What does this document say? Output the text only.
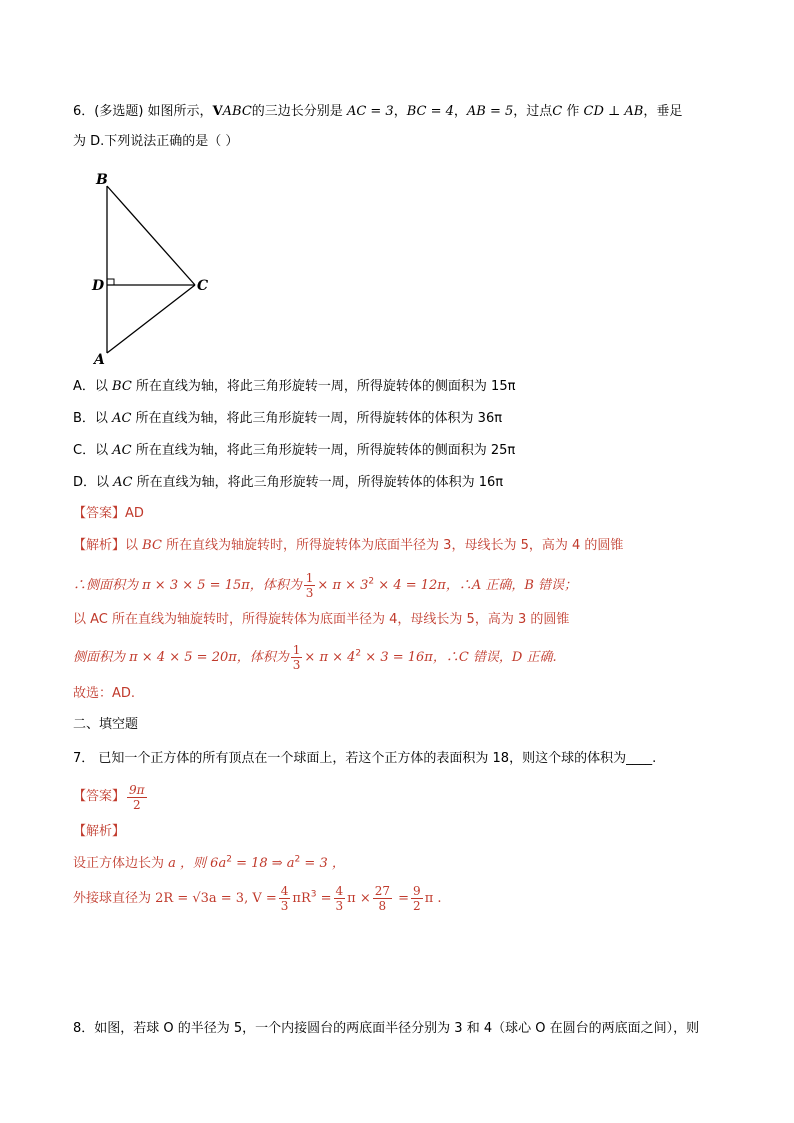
6．(多选题) 如图所示，VABC的三边长分别是 AC = 3，BC = 4，AB = 5，过点C 作 CD ⊥ AB，垂足
为 D.下列说法正确的是（ ）
B
D	C
A
A．以 BC 所在直线为轴，将此三角形旋转一周，所得旋转体的侧面积为 15π
B．以 AC 所在直线为轴，将此三角形旋转一周，所得旋转体的体积为 36π
C．以 AC 所在直线为轴，将此三角形旋转一周，所得旋转体的侧面积为 25π
D．以 AC 所在直线为轴，将此三角形旋转一周，所得旋转体的体积为 16π
【答案】AD
【解析】以 BC 所在直线为轴旋转时，所得旋转体为底面半径为 3，母线长为 5，高为 4 的圆锥
∴侧面积为 π × 3 × 5 = 15π，体积为 $\frac{1}{3} \times \pi \times 3^2 \times 4 = 12\pi$，∴A 正确，B 错误；
以 AC 所在直线为轴旋转时，所得旋转体为底面半径为 4，母线长为 5，高为 3 的圆锥
侧面积为 π × 4 × 5 = 20π，体积为 $\frac{1}{3} \times \pi \times 4^2 \times 3 = 16\pi$，∴C 错误，D 正确.
故选：AD.
二、填空题
7． 已知一个正方体的所有顶点在一个球面上，若这个正方体的表面积为 18，则这个球的体积为____.
【答案】 $\frac{9\pi}{2}$
【解析】
设正方体边长为 a ，则 $6a^2 = 18$ ⇒ $a^2 = 3$ ，
外接球直径为 2R = √3a = 3, $V = \frac{4}{3} \pi R^3 = \frac{4}{3}$ $\pi \times \frac{27}{8} = \frac{9}{2}$ π .
8．如图，若球 O 的半径为 5，一个内接圆台的两底面半径分别为 3 和 4（球心 O 在圆台的两底面之间），则
